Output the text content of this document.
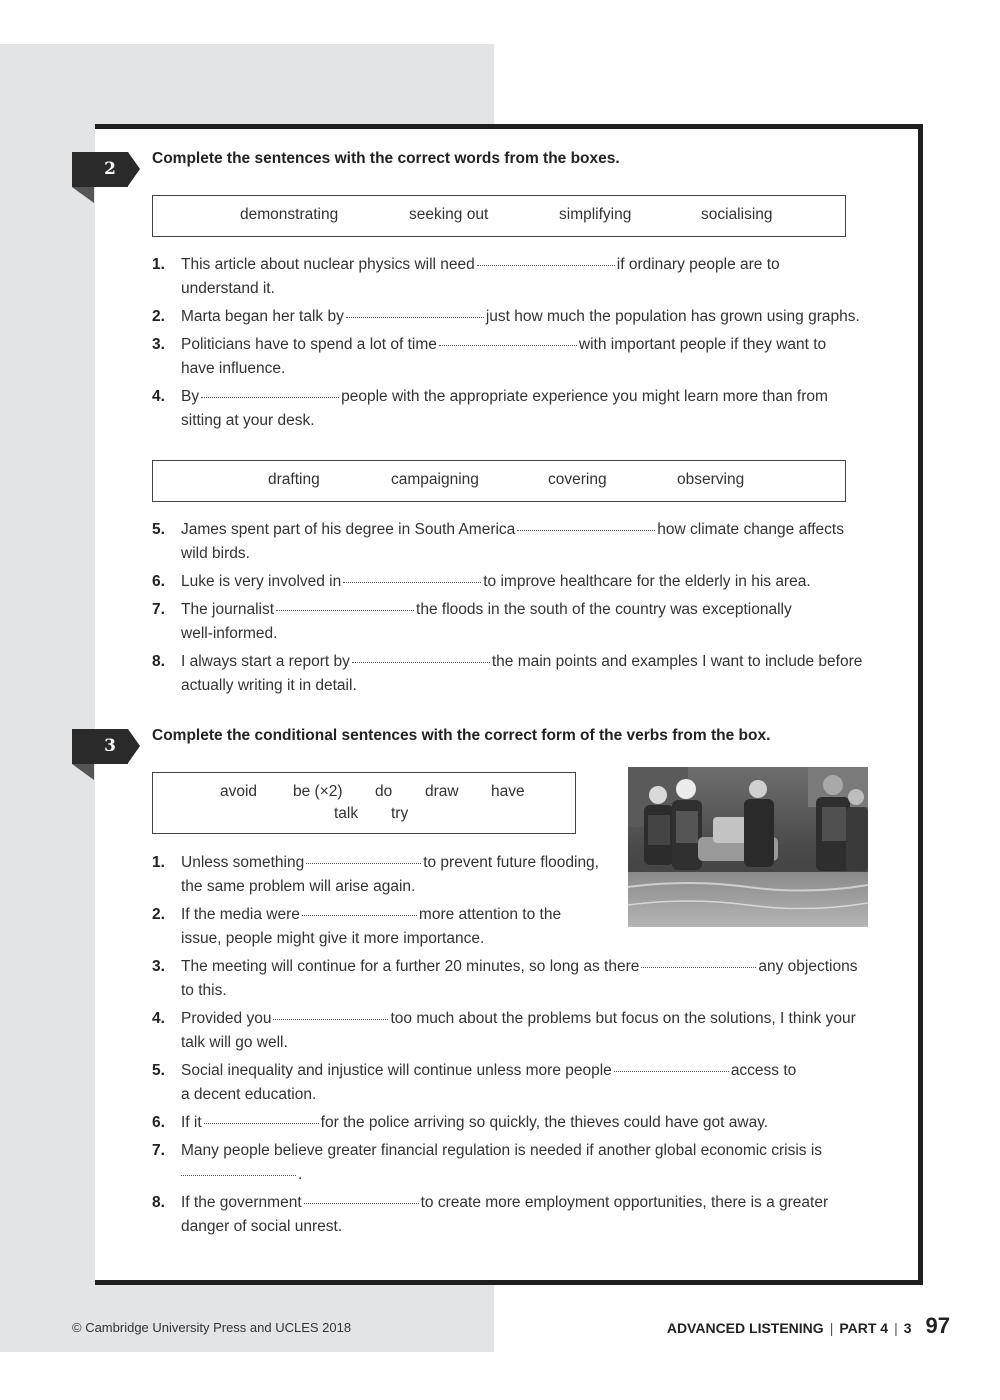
2
Complete the sentences with the correct words from the boxes.
demonstrating	seeking out	simplifying	socialising
1. This article about nuclear physics will need	if ordinary people are to
understand it.
2. Marta began her talk by	just how much the population has grown using graphs.
3. Politicians have to spend a lot of time	with important people if they want to
have influence.
4. By	people with the appropriate experience you might learn more than from
sitting at your desk.
drafting	campaigning	covering	observing
5. James spent part of his degree in South America	how climate change affects
wild birds.
6. Luke is very involved in	to improve healthcare for the elderly in his area.
7. The journalist	the floods in the south of the country was exceptionally
well-informed.
8. I always start a report by	the main points and examples I want to include before
actually writing it in detail.
3
Complete the conditional sentences with the correct form of the verbs from the box.
avoid be (×2) do draw have
talk try
1. Unless something	to prevent future flooding,
the same problem will arise again.
2. If the media were	more attention to the
issue, people might give it more importance.
3. The meeting will continue for a further 20 minutes, so long as there	any objections
to this.
4. Provided you	too much about the problems but focus on the solutions, I think your
talk will go well.
5. Social inequality and injustice will continue unless more people	access to
a decent education.
6. If it	for the police arriving so quickly, the thieves could have got away.
7. Many people believe greater financial regulation is needed if another global economic crisis is
.
8. If the government	to create more employment opportunities, there is a greater
danger of social unrest.
© Cambridge University Press and UCLES 2018	ADVANCED LISTENING | PART 4 | 3 97
